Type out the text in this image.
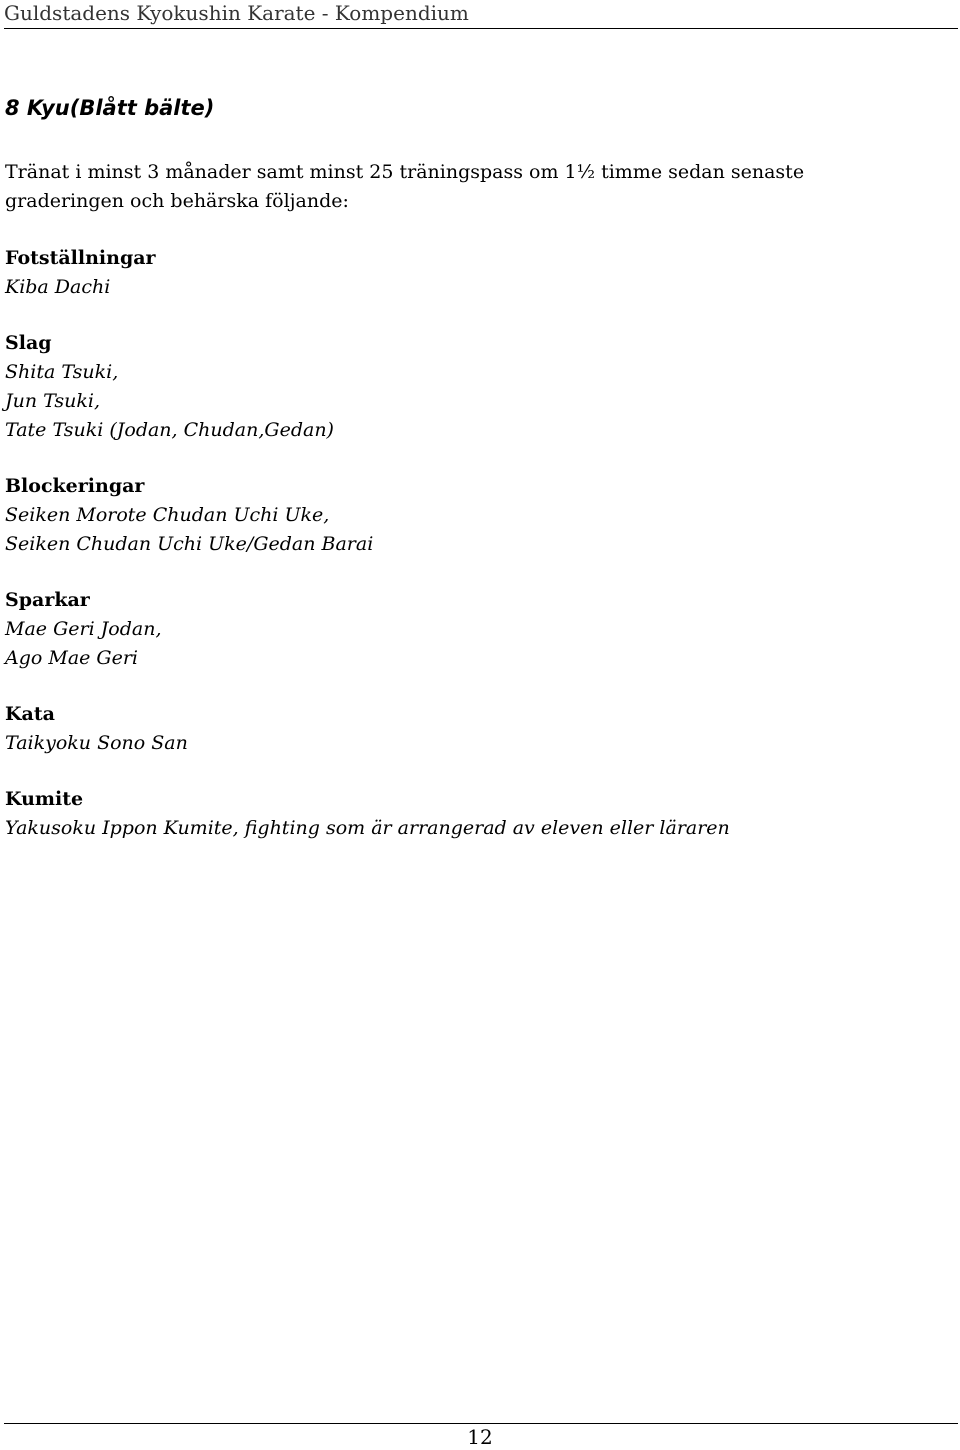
Guldstadens Kyokushin Karate - Kompendium
8 Kyu(Blått bälte)
Tränat i minst 3 månader samt minst 25 träningspass om 1½ timme sedan senaste
graderingen och behärska följande:
Fotställningar
Kiba Dachi
Slag
Shita Tsuki,
Jun Tsuki,
Tate Tsuki (Jodan, Chudan,Gedan)
Blockeringar
Seiken Morote Chudan Uchi Uke,
Seiken Chudan Uchi Uke/Gedan Barai
Sparkar
Mae Geri Jodan,
Ago Mae Geri
Kata
Taikyoku Sono San
Kumite
Yakusoku Ippon Kumite, fighting som är arrangerad av eleven eller läraren
12
